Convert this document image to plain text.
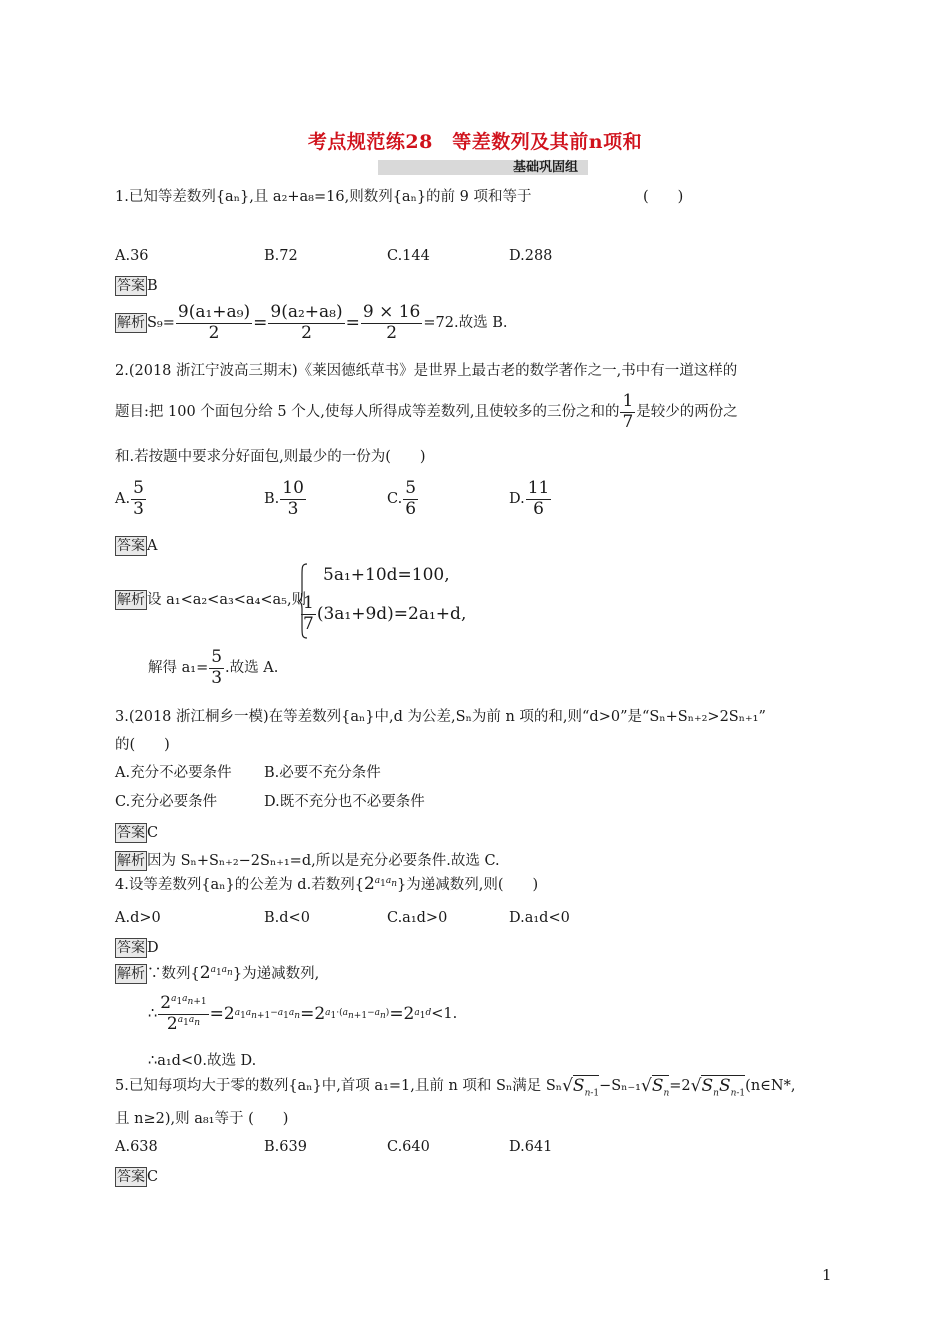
考点规范练28　等差数列及其前n项和
基础巩固组
1.已知等差数列{aₙ},且 a₂+a₈=16,则数列{aₙ}的前 9 项和等于	(　　)
A.36	B.72	C.144	D.288
答案 B
解析 $S_9= \frac{\text{9(a₁+a₉)}}{2} = \frac{\text{9(a₂+a₈)}}{2} = \frac{9 \times 16}{2} =72$.故选 B.
2.(2018 浙江宁波高三期末)《莱因德纸草书》是世界上最古老的数学著作之一,书中有一道这样的
题目:把 100 个面包分给 5 个人,使每人所得成等差数列,且使较多的三份之和的 $\frac{1}{7}$ 是较少的两份之
和.若按题中要求分好面包,则最少的一份为(　　)
A. $\frac{5}{3}$	B. $\frac{10}{3}$	C. $\frac{5}{6}$	D. $\frac{11}{6}$
答案 A
解析 设 a₁<a₂<a₃<a₄<a₅,则
5a₁+10d=100,
$\frac{1}{7} (3a_1+9d)=2a_1+d$,
解得 $a_1= \frac{5}{3}$ .故选 A.
3.(2018 浙江桐乡一模)在等差数列{aₙ}中,d 为公差,Sₙ为前 n 项的和,则“d>0”是“Sₙ+Sₙ₊₂>2Sₙ₊₁”
的(　　)
A.充分不必要条件 B.必要不充分条件
C.充分必要条件	D.既不充分也不必要条件
答案 C
解析 因为 Sₙ+Sₙ₊₂−2Sₙ₊₁=d,所以是充分必要条件.故选 C.
4.设等差数列{aₙ}的公差为 d.若数列$\{2^{a_1a_n}\}$为递减数列,则(　　)
A.d>0	B.d<0	C.a₁d>0	D.a₁d<0
答案 D
解析 ∵数列$\{2^{a_1a_n}\}$为递减数列,
∴ $\frac{2^{a_1a_{n+1}}}{2^{a_1a_n}} =2$ $a_1a_{n+1}-a_1a_n =2$ $a_1\cdot(a_{n+1}-a_n) =2$ $a_1d <1$.
∴a₁d<0.故选 D.
5.已知每项均大于零的数列{aₙ}中,首项 a₁=1,且前 n 项和 Sₙ满足 Sₙ $√S_{n-1} -S_{n-1}$ $√S_n =2$ $√S_nS_{n-1}$ (n∈N*,
且 n≥2),则 a₈₁等于 (　　)
A.638	B.639	C.640	D.641
答案 C
1
